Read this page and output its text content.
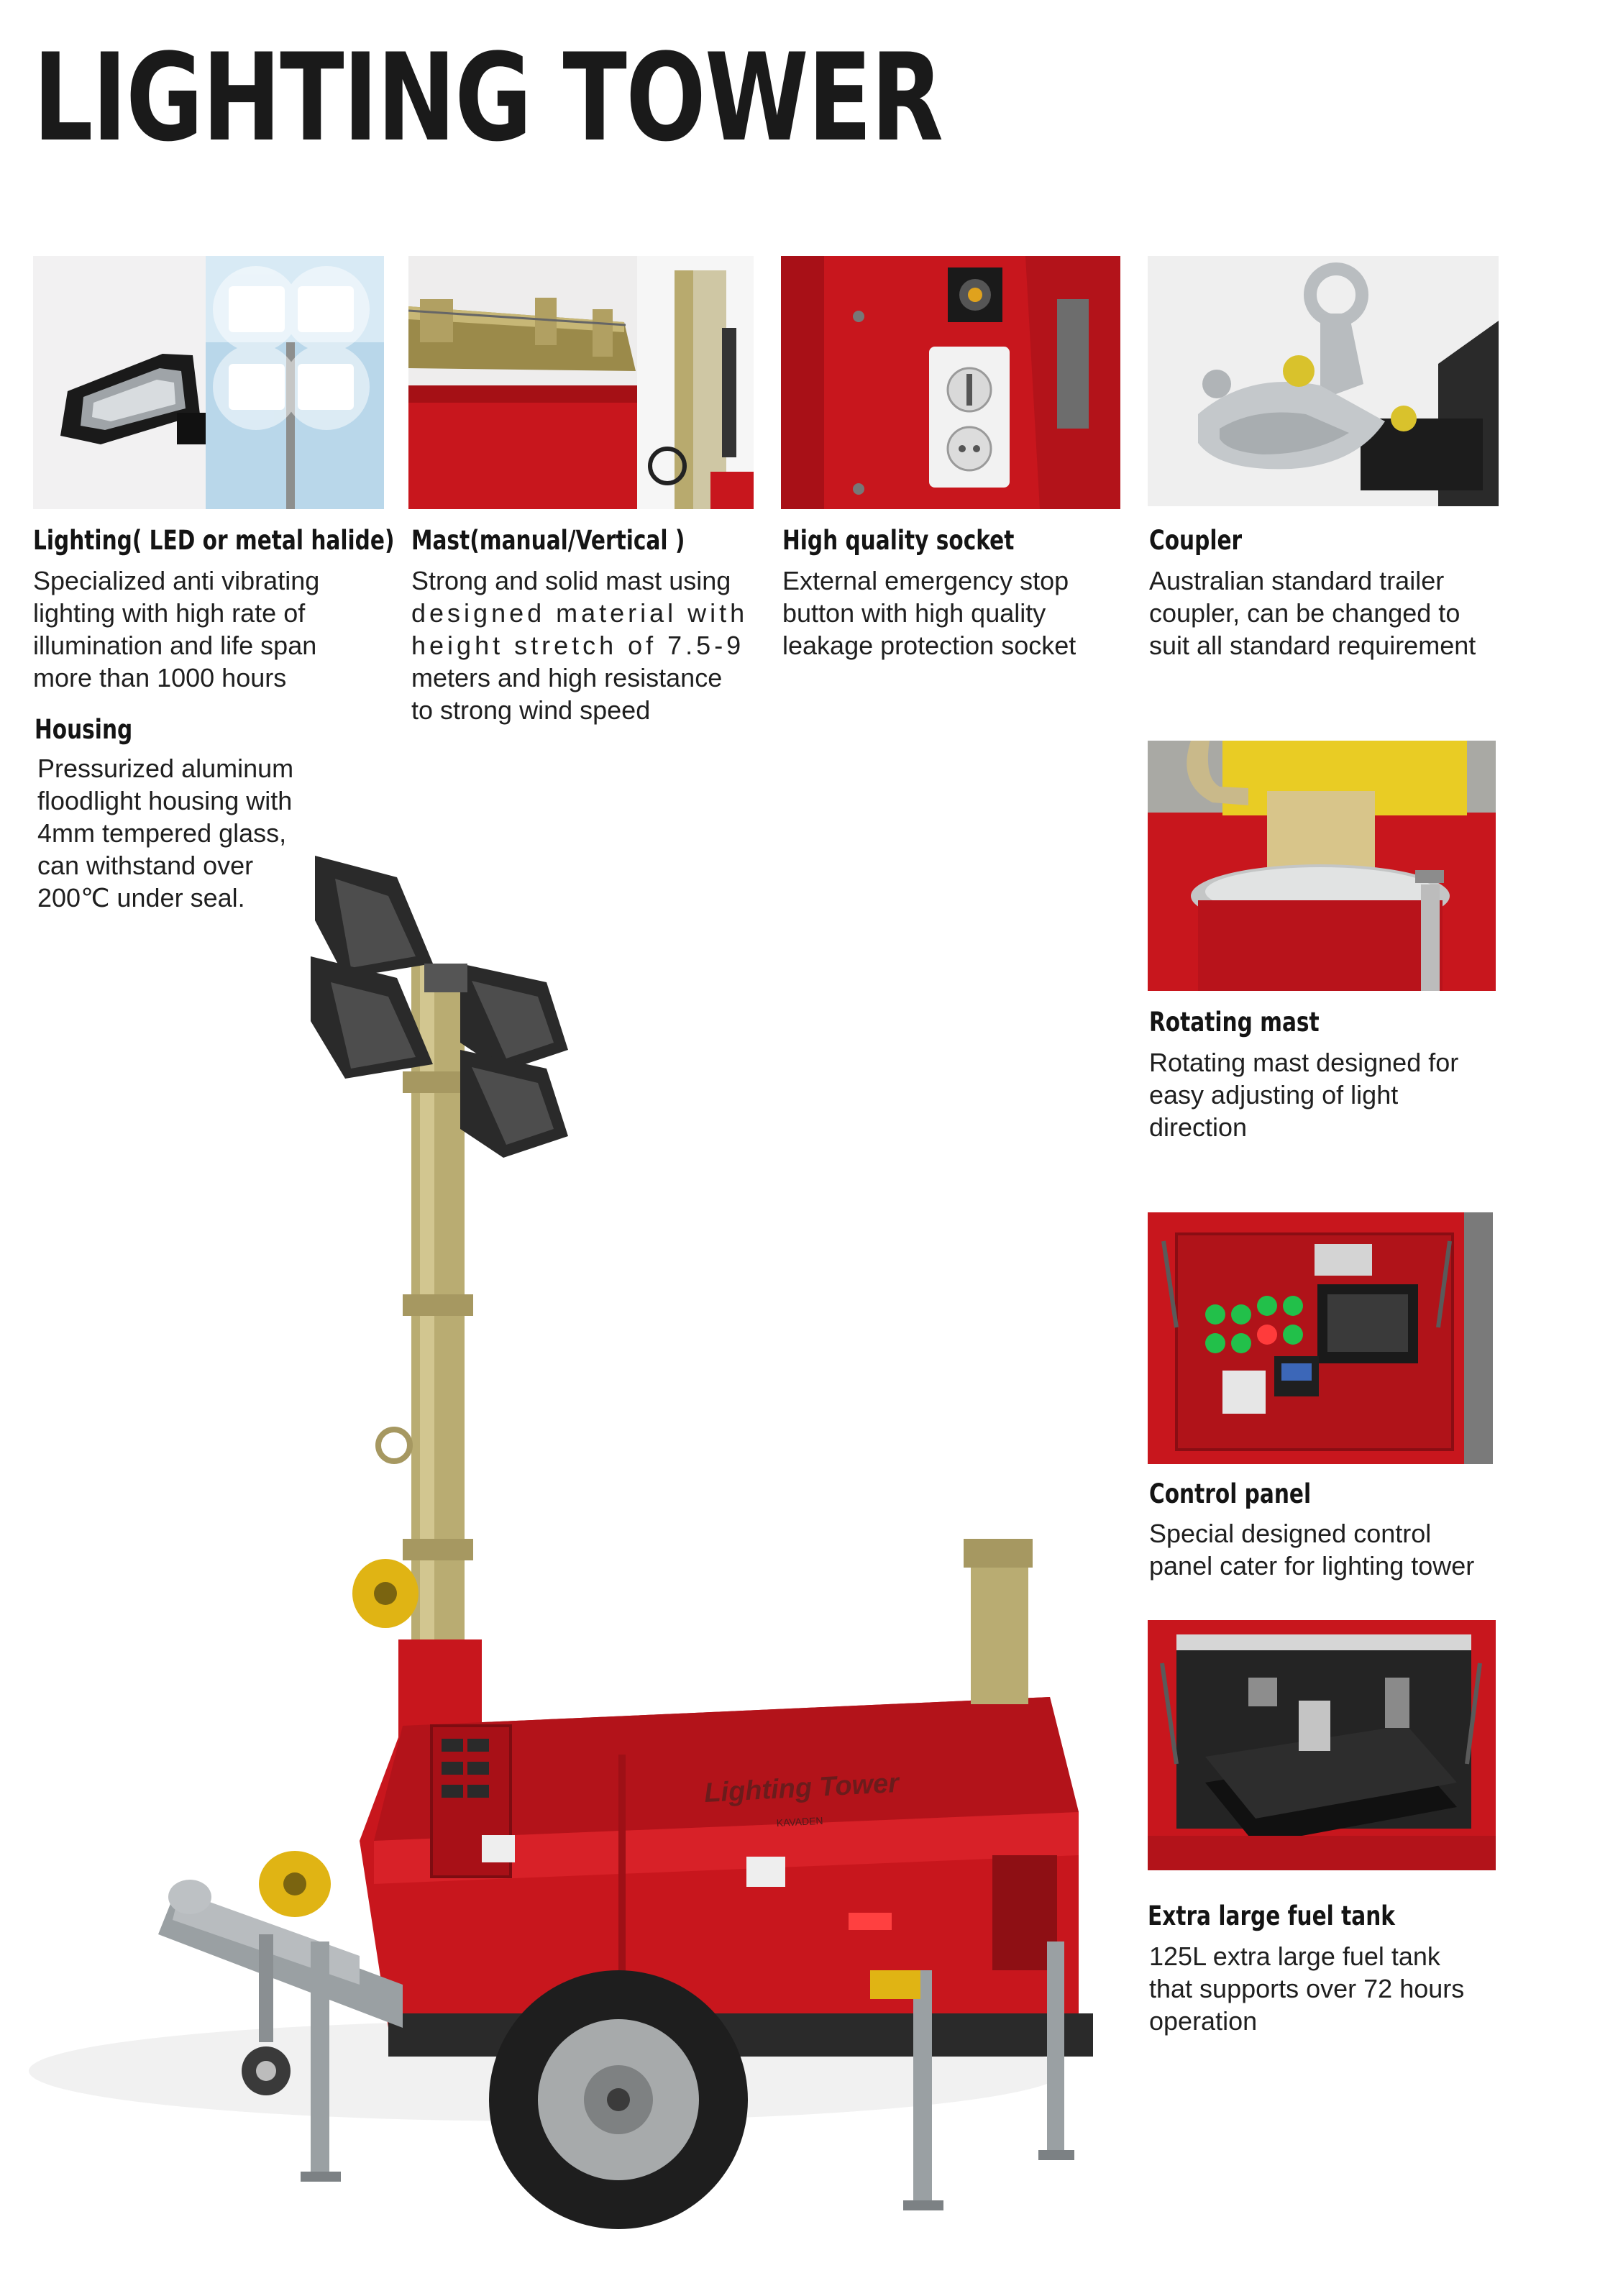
LIGHTING TOWER
Lighting( LED or metal halide)

Specialized anti vibrating
lighting with high rate of
illumination and life span
more than 1000 hours

Mast(manual/Vertical )

Strong and solid mast using
designed material with
height stretch of 7.5-9
meters and high resistance
to strong wind speed

High quality socket

External emergency stop
button with high quality
leakage protection socket

Coupler

Australian standard trailer
coupler, can be changed to
suit all standard requirement

Housing

Pressurized aluminum
floodlight housing with
4mm tempered glass,
can withstand over
200℃ under seal.

Rotating mast

Rotating mast designed for
easy adjusting of light
direction

Control panel

Special designed control
panel cater for lighting tower

Extra large fuel tank

125L extra large fuel tank
that supports over 72 hours
operation

Lighting Tower
KAVADEN
